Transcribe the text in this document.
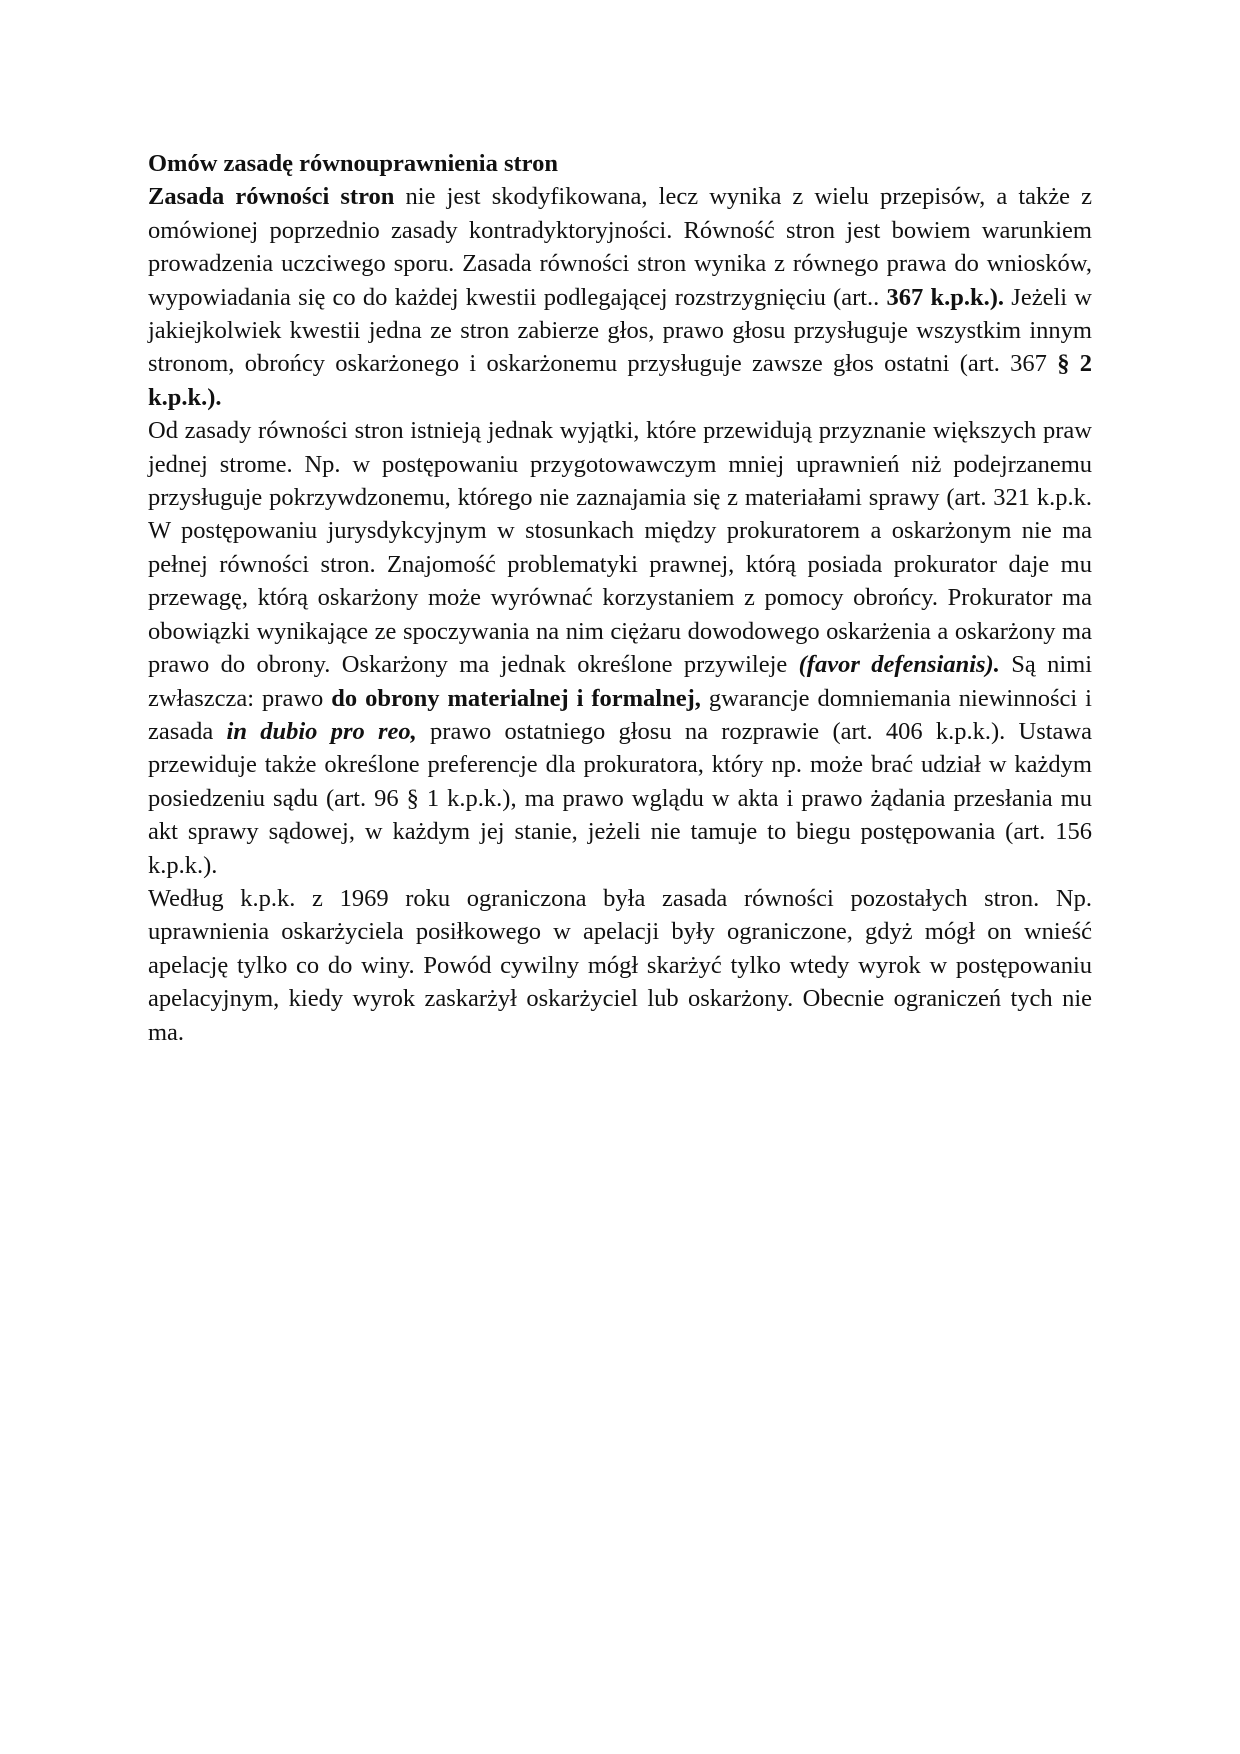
Omów zasadę równouprawnienia stron

Zasada równości stron nie jest skodyfikowana, lecz wynika z wielu przepisów, a także z omówionej poprzednio zasady kontradyktoryjności. Równość stron jest bowiem warunkiem prowadzenia uczciwego sporu. Zasada równości stron wynika z równego prawa do wniosków, wypowiadania się co do każdej kwestii podlegającej rozstrzygnięciu (art.. 367 k.p.k.). Jeżeli w jakiejkolwiek kwestii jedna ze stron zabierze głos, prawo głosu przysługuje wszystkim innym stronom, obrońcy oskarżonego i oskarżonemu przysługuje zawsze głos ostatni (art. 367 § 2 k.p.k.).

Od zasady równości stron istnieją jednak wyjątki, które przewidują przyznanie większych praw jednej strome. Np. w postępowaniu przygotowawczym mniej uprawnień niż podejrzanemu przysługuje pokrzywdzonemu, którego nie zaznajamia się z materiałami sprawy (art. 321 k.p.k. W postępowaniu jurysdykcyjnym w stosunkach między prokuratorem a oskarżonym nie ma pełnej równości stron. Znajomość problematyki prawnej, którą posiada prokurator daje mu przewagę, którą oskarżony może wyrównać korzystaniem z pomocy obrońcy. Prokurator ma obowiązki wynikające ze spoczywania na nim ciężaru dowodowego oskarżenia a oskarżony ma prawo do obrony. Oskarżony ma jednak określone przywileje (favor defensianis). Są nimi zwłaszcza: prawo do obrony materialnej i formalnej, gwarancje domniemania niewinności i zasada in dubio pro reo, prawo ostatniego głosu na rozprawie (art. 406 k.p.k.). Ustawa przewiduje także określone preferencje dla prokuratora, który np. może brać udział w każdym posiedzeniu sądu (art. 96 § 1 k.p.k.), ma prawo wglądu w akta i prawo żądania przesłania mu akt sprawy sądowej, w każdym jej stanie, jeżeli nie tamuje to biegu postępowania (art. 156 k.p.k.).

Według k.p.k. z 1969 roku ograniczona była zasada równości pozostałych stron. Np. uprawnienia oskarżyciela posiłkowego w apelacji były ograniczone, gdyż mógł on wnieść apelację tylko co do winy. Powód cywilny mógł skarżyć tylko wtedy wyrok w postępowaniu apelacyjnym, kiedy wyrok zaskarżył oskarżyciel lub oskarżony. Obecnie ograniczeń tych nie ma.
